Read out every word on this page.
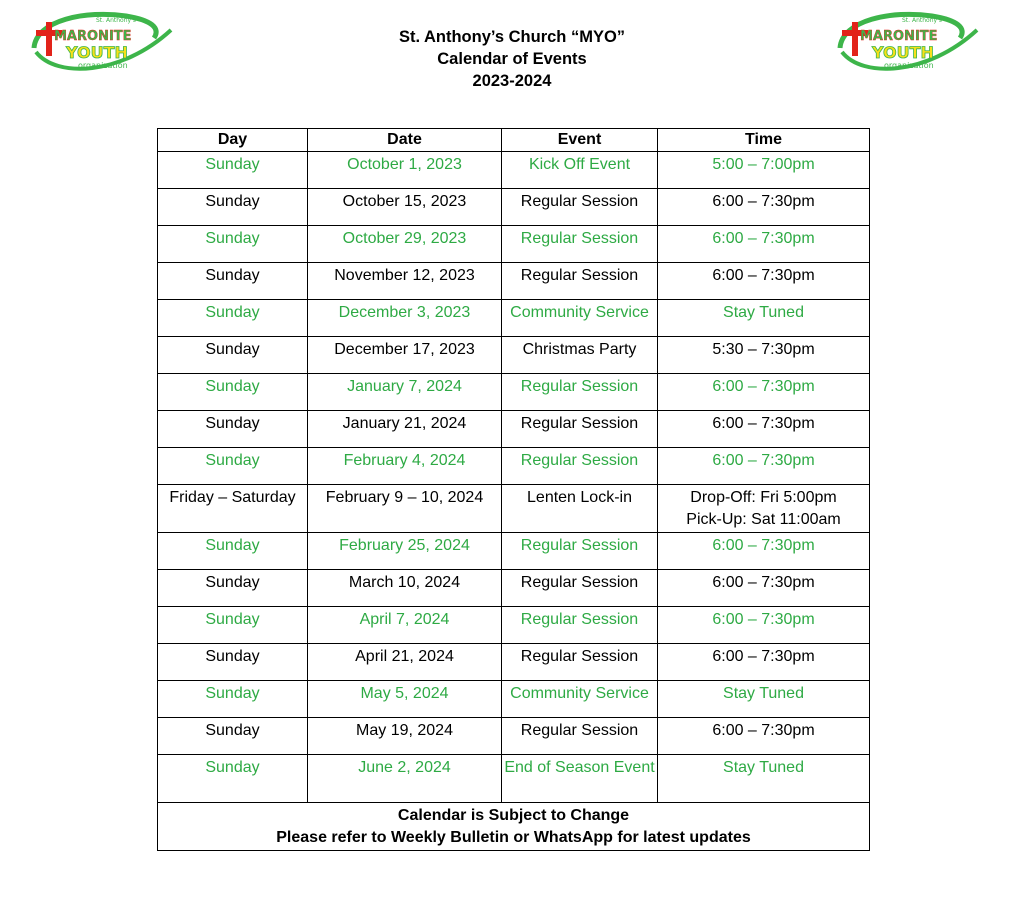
St. Anthony's
MARONITE
YOUTH
organization
St. Anthony's
MARONITE
YOUTH
organization
St. Anthony’s Church “MYO”
Calendar of Events
2023-2024
Day	Date	Event	Time
Sunday	October 1, 2023	Kick Off Event	5:00 – 7:00pm

Sunday	October 15, 2023	Regular Session	6:00 – 7:30pm

Sunday	October 29, 2023	Regular Session	6:00 – 7:30pm

Sunday	November 12, 2023	Regular Session	6:00 – 7:30pm

Sunday	December 3, 2023	Community Service	Stay Tuned

Sunday	December 17, 2023	Christmas Party	5:30 – 7:30pm

Sunday	January 7, 2024	Regular Session	6:00 – 7:30pm

Sunday	January 21, 2024	Regular Session	6:00 – 7:30pm

Sunday	February 4, 2024	Regular Session	6:00 – 7:30pm

Friday – Saturday	February 9 – 10, 2024	Lenten Lock-in	Drop-Off: Fri 5:00pm
Pick-Up: Sat 11:00am

Sunday	February 25, 2024	Regular Session	6:00 – 7:30pm

Sunday	March 10, 2024	Regular Session	6:00 – 7:30pm

Sunday	April 7, 2024	Regular Session	6:00 – 7:30pm

Sunday	April 21, 2024	Regular Session	6:00 – 7:30pm

Sunday	May 5, 2024	Community Service	Stay Tuned

Sunday	May 19, 2024	Regular Session	6:00 – 7:30pm

Sunday	June 2, 2024	End of Season Event	Stay Tuned

Calendar is Subject to Change
Please refer to Weekly Bulletin or WhatsApp for latest updates			
